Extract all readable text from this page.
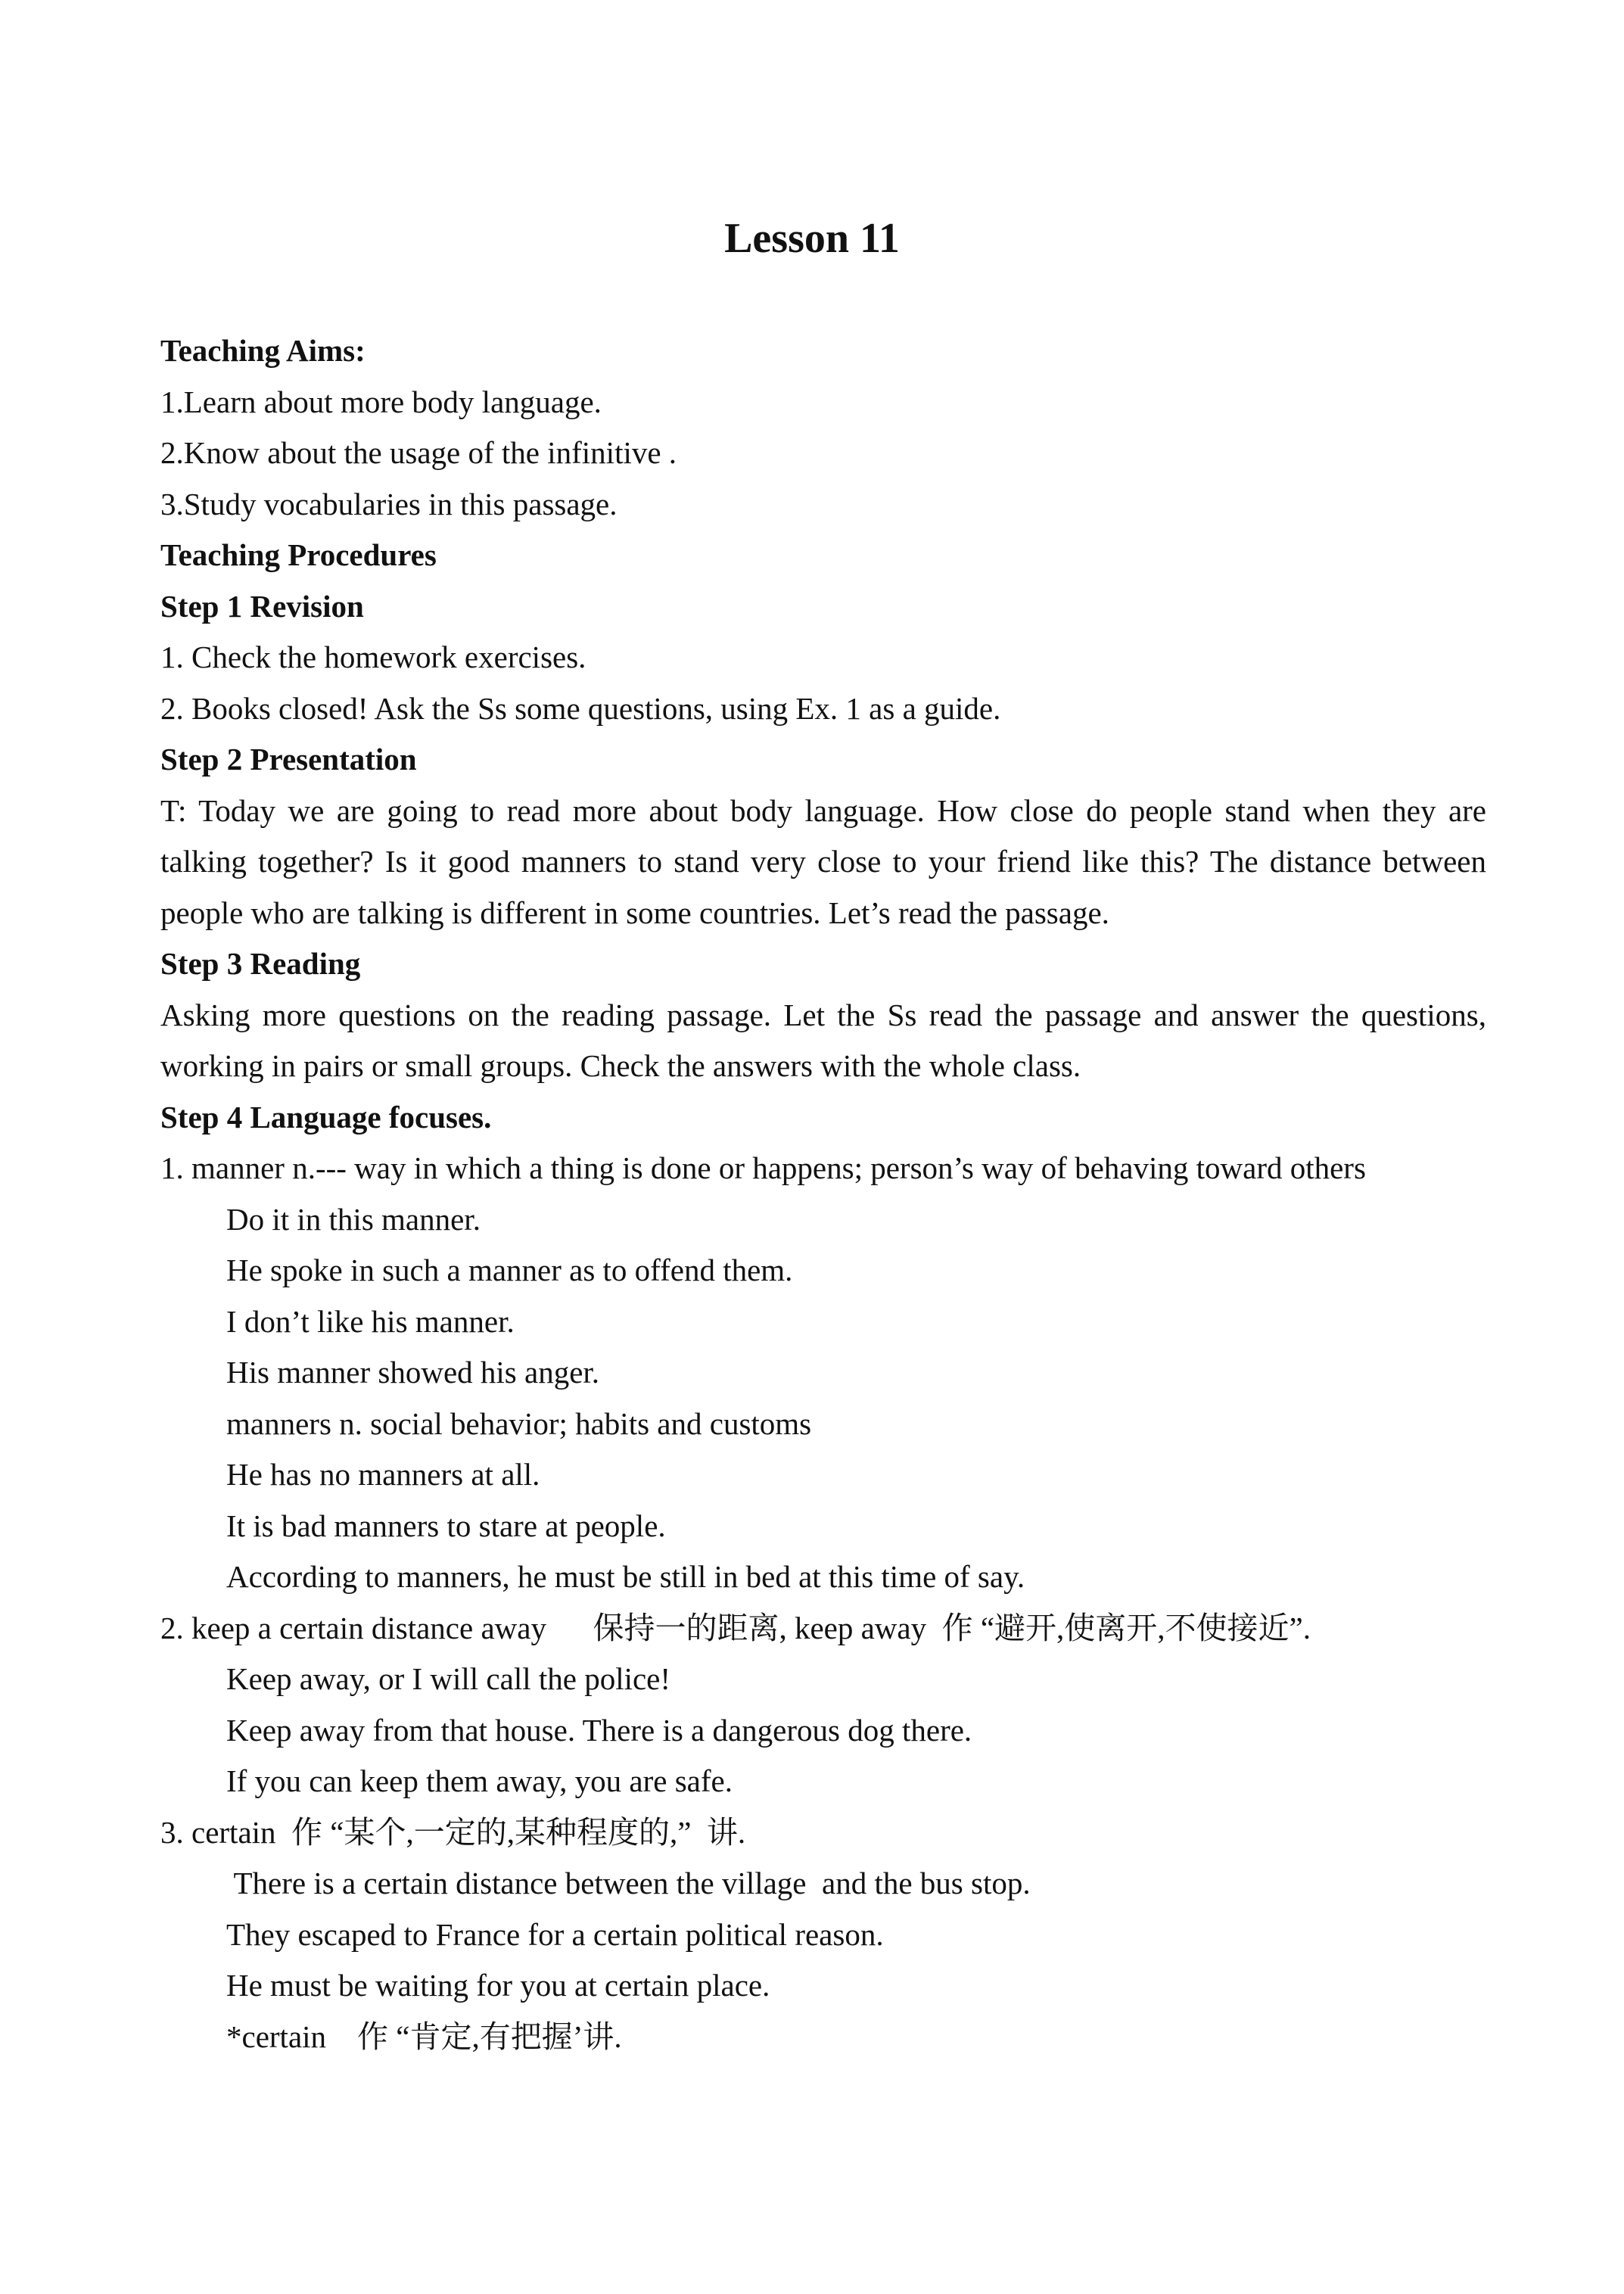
Lesson 11

Teaching Aims:

1.Learn about more body language.

2.Know about the usage of the infinitive .

3.Study vocabularies in this passage.

Teaching Procedures

Step 1 Revision

1. Check the homework exercises.

2. Books closed! Ask the Ss some questions, using Ex. 1 as a guide.

Step 2 Presentation

T: Today we are going to read more about body language. How close do people stand when they are talking together? Is it good manners to stand very close to your friend like this? The distance between people who are talking is different in some countries. Let’s read the passage.

Step 3 Reading

Asking more questions on the reading passage. Let the Ss read the passage and answer the questions, working in pairs or small groups. Check the answers with the whole class.

Step 4 Language focuses.

1. manner n.--- way in which a thing is done or happens; person’s way of behaving toward others

Do it in this manner.

He spoke in such a manner as to offend them.

I don’t like his manner.

His manner showed his anger.

manners n. social behavior; habits and customs

He has no manners at all.

It is bad manners to stare at people.

According to manners, he must be still in bed at this time of say.

2. keep a certain distance away      保持一的距离, keep away  作 “避开,使离开,不使接近”.

Keep away, or I will call the police!

Keep away from that house. There is a dangerous dog there.

If you can keep them away, you are safe.

3. certain  作 “某个,一定的,某种程度的,”  讲.

There is a certain distance between the village  and the bus stop.

They escaped to France for a certain political reason.

He must be waiting for you at certain place.

*certain    作 “肯定,有把握’讲.
